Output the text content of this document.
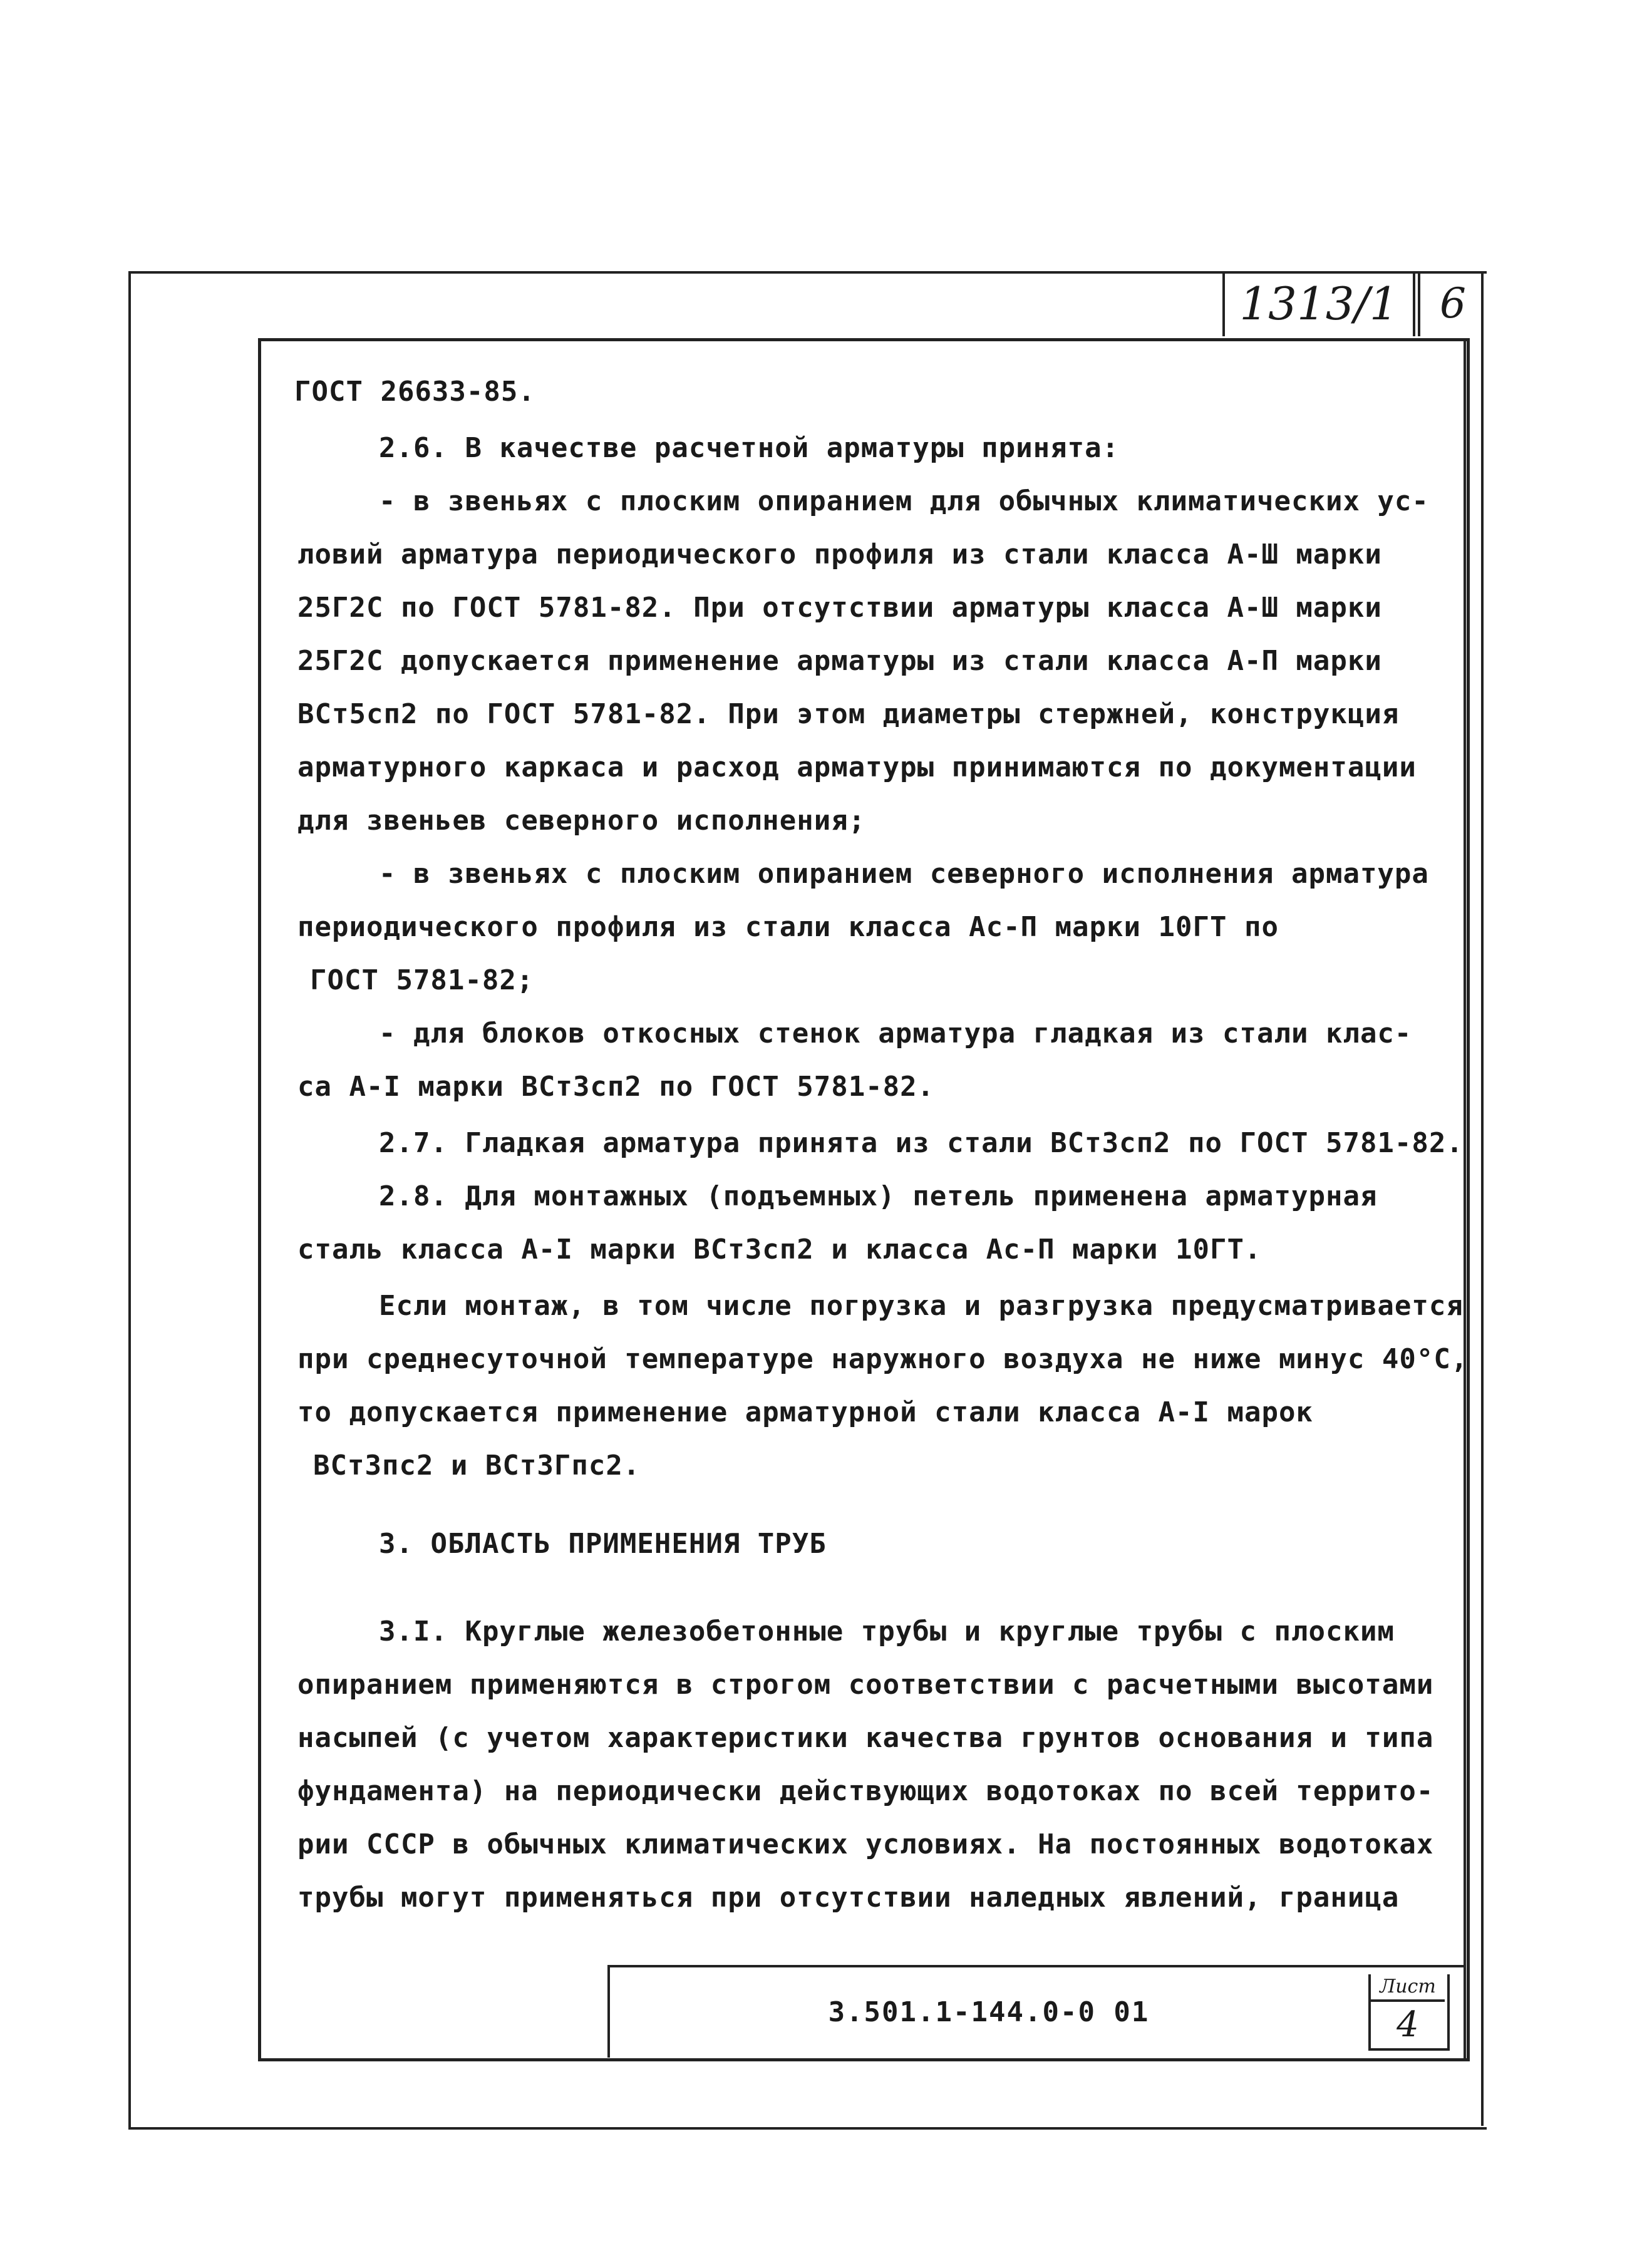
1313/1	6
ГОСТ 26633-85.
2.6. В качестве расчетной арматуры принята:
- в звеньях с плоским опиранием для обычных климатических ус-
ловий арматура периодического профиля из стали класса А-Ш марки
25Г2С по ГОСТ 5781-82. При отсутствии арматуры класса А-Ш марки
25Г2С допускается применение арматуры из стали класса А-П марки
ВСт5сп2 по ГОСТ 5781-82. При этом диаметры стержней, конструкция
арматурного каркаса и расход арматуры принимаются по документации
для звеньев северного исполнения;
- в звеньях с плоским опиранием северного исполнения арматура
периодического профиля из стали класса Ас-П марки 10ГТ по
ГОСТ 5781-82;
- для блоков откосных стенок арматура гладкая из стали клас-
са А-I марки ВСт3сп2 по ГОСТ 5781-82.
2.7. Гладкая арматура принята из стали ВСт3сп2 по ГОСТ 5781-82.
2.8. Для монтажных (подъемных) петель применена арматурная
сталь класса А-I марки ВСт3сп2 и класса Ас-П марки 10ГТ.
Если монтаж, в том числе погрузка и разгрузка предусматривается
при среднесуточной температуре наружного воздуха не ниже минус 40°С,
то допускается применение арматурной стали класса А-I марок
ВСт3пс2 и ВСт3Гпс2.
3. ОБЛАСТЬ ПРИМЕНЕНИЯ ТРУБ
3.I. Круглые железобетонные трубы и круглые трубы с плоским
опиранием применяются в строгом соответствии с расчетными высотами
насыпей (с учетом характеристики качества грунтов основания и типа
фундамента) на периодически действующих водотоках по всей террито-
рии СССР в обычных климатических условиях. На постоянных водотоках
трубы могут применяться при отсутствии наледных явлений, граница
3.501.1-144.0-0 01
Лист
4
